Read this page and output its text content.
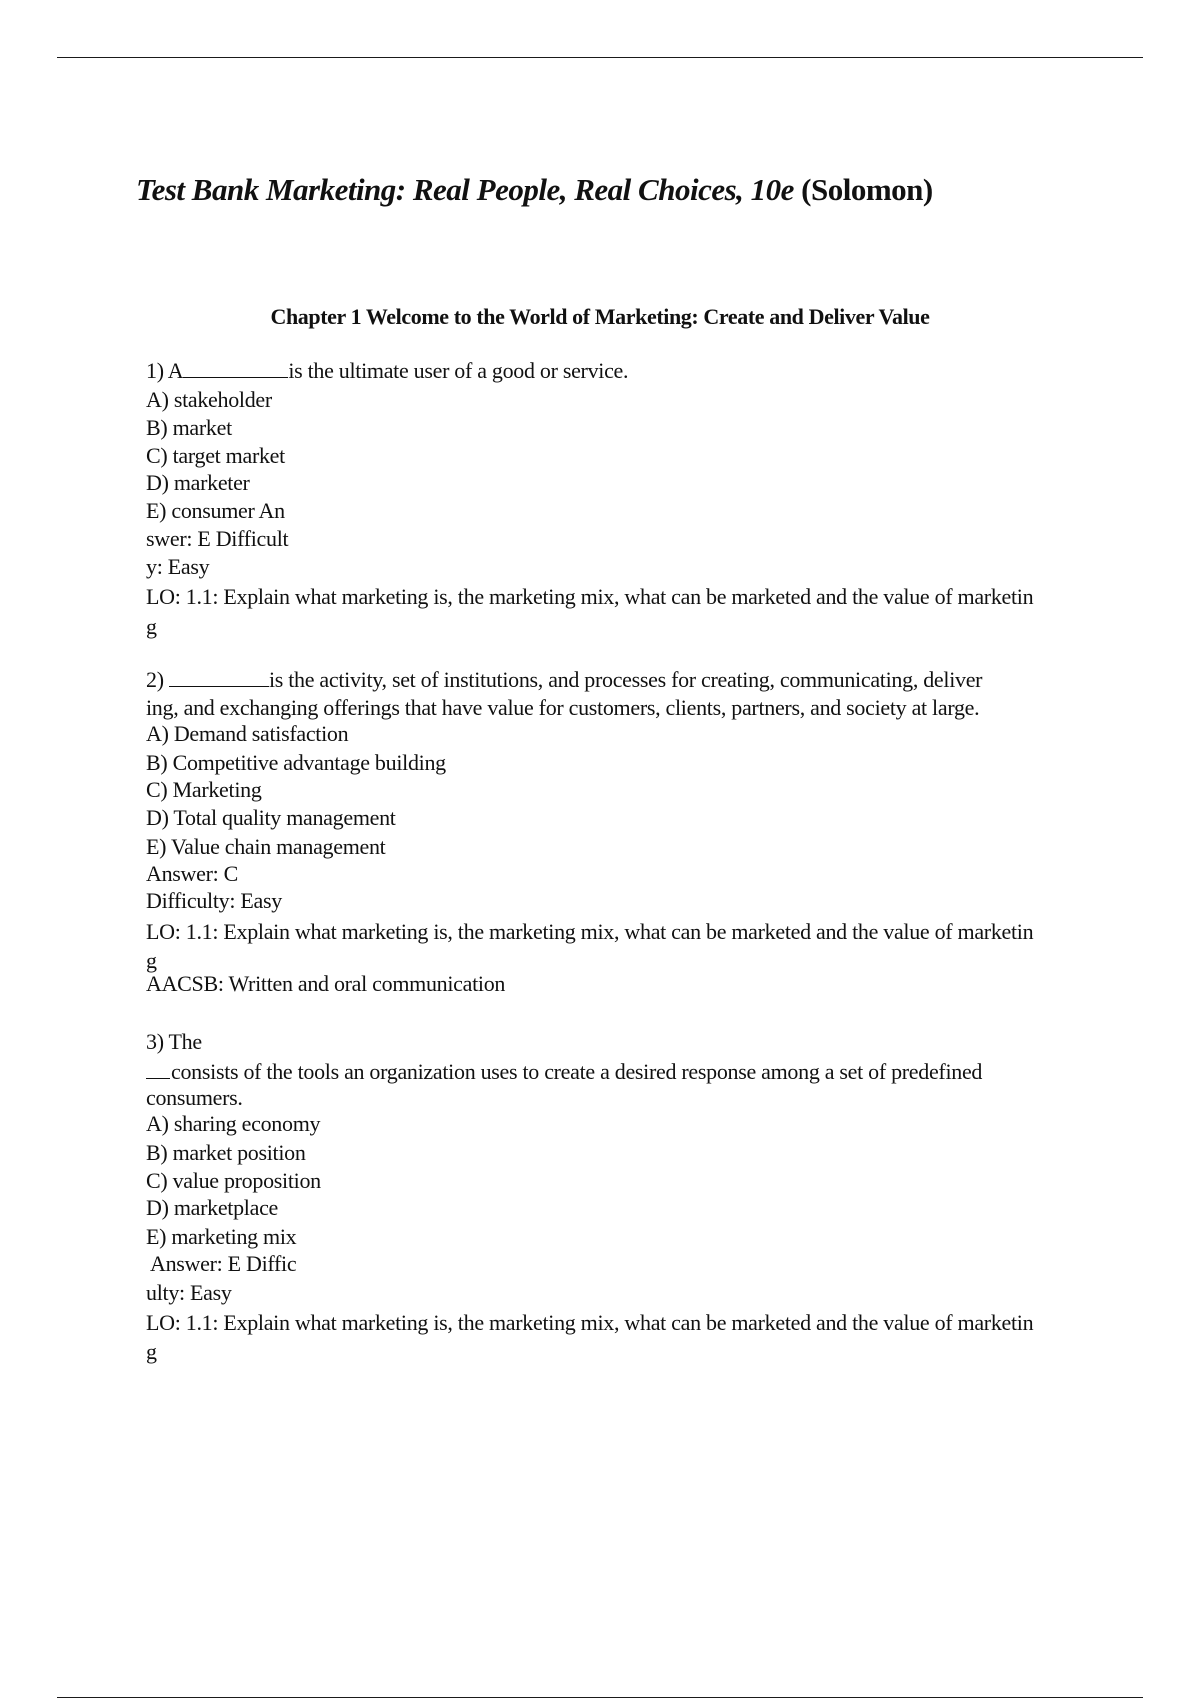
Test Bank Marketing: Real People, Real Choices, 10e (Solomon)
Chapter 1 Welcome to the World of Marketing: Create and Deliver Value
1) A	is the ultimate user of a good or service.
A) stakeholder
B) market
C) target market
D) marketer
E) consumer An
swer: E Difficult
y: Easy
LO: 1.1: Explain what marketing is, the marketing mix, what can be marketed and the value of marketin
g
2)	is the activity, set of institutions, and processes for creating, communicating, deliver
ing, and exchanging offerings that have value for customers, clients, partners, and society at large.
A) Demand satisfaction
B) Competitive advantage building
C) Marketing
D) Total quality management
E) Value chain management
Answer: C
Difficulty: Easy
LO: 1.1: Explain what marketing is, the marketing mix, what can be marketed and the value of marketin
g
AACSB: Written and oral communication
3) The
consists of the tools an organization uses to create a desired response among a set of predefined
consumers.
A) sharing economy
B) market position
C) value proposition
D) marketplace
E) marketing mix
Answer: E Diffic
ulty: Easy
LO: 1.1: Explain what marketing is, the marketing mix, what can be marketed and the value of marketin
g
